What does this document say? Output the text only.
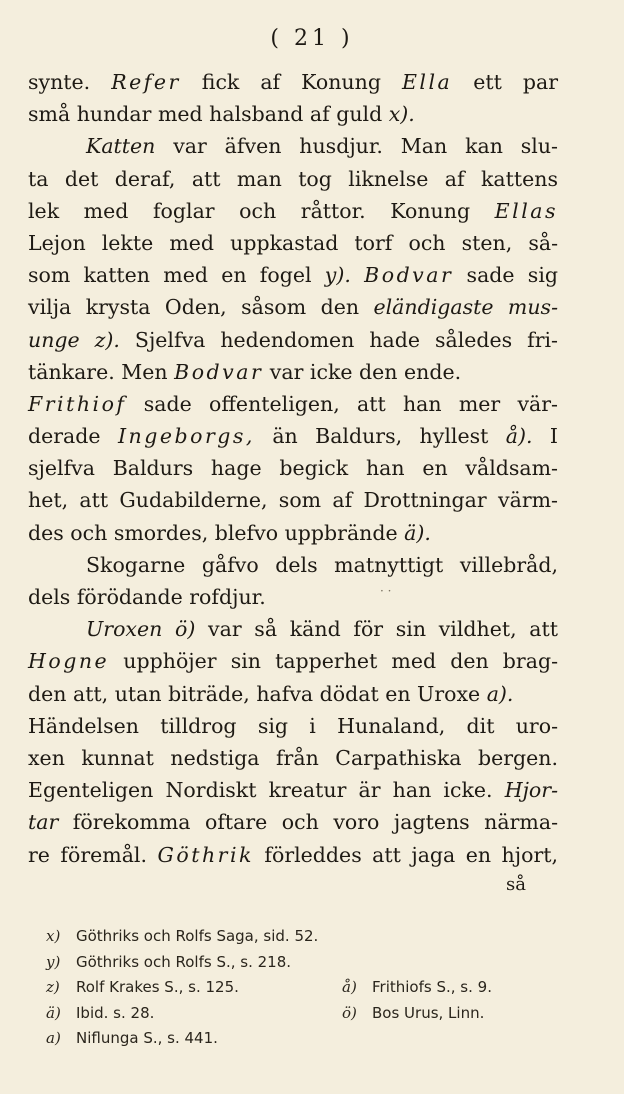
( 21 )
synte. Refer fick af Konung Ella ett par
små hundar med halsband af guld x).
Katten var äfven husdjur. Man kan slu-
ta det deraf, att man tog liknelse af kattens
lek med foglar och råttor. Konung Ellas
Lejon lekte med uppkastad torf och sten, så-
som katten med en fogel y). Bodvar sade sig
vilja krysta Oden, såsom den eländigaste mus-
unge z). Sjelfva hedendomen hade således fri-
tänkare. Men Bodvar var icke den ende.
Frithiof sade offenteligen, att han mer vär-
derade Ingeborgs, än Baldurs, hyllest å). I
sjelfva Baldurs hage begick han en våldsam-
het, att Gudabilderne, som af Drottningar värm-
des och smordes, blefvo uppbrände ä).
Skogarne gåfvo dels matnyttigt villebråd,
dels förödande rofdjur.
Uroxen ö) var så känd för sin vildhet, att
Hogne upphöjer sin tapperhet med den brag-
den att, utan biträde, hafva dödat en Uroxe a).
Händelsen tilldrog sig i Hunaland, dit uro-
xen kunnat nedstiga från Carpathiska bergen.
Egenteligen Nordiskt kreatur är han icke. Hjor-
tar förekomma oftare och voro jagtens närma-
re föremål. Göthrik förleddes att jaga en hjort,
· ·
så
x) Göthriks och Rolfs Saga, sid. 52.
y) Göthriks och Rolfs S., s. 218.
z) Rolf Krakes S., s. 125.	å) Frithiofs S., s. 9.
ä) Ibid. s. 28.	ö) Bos Urus, Linn.
a) Niflunga S., s. 441.
